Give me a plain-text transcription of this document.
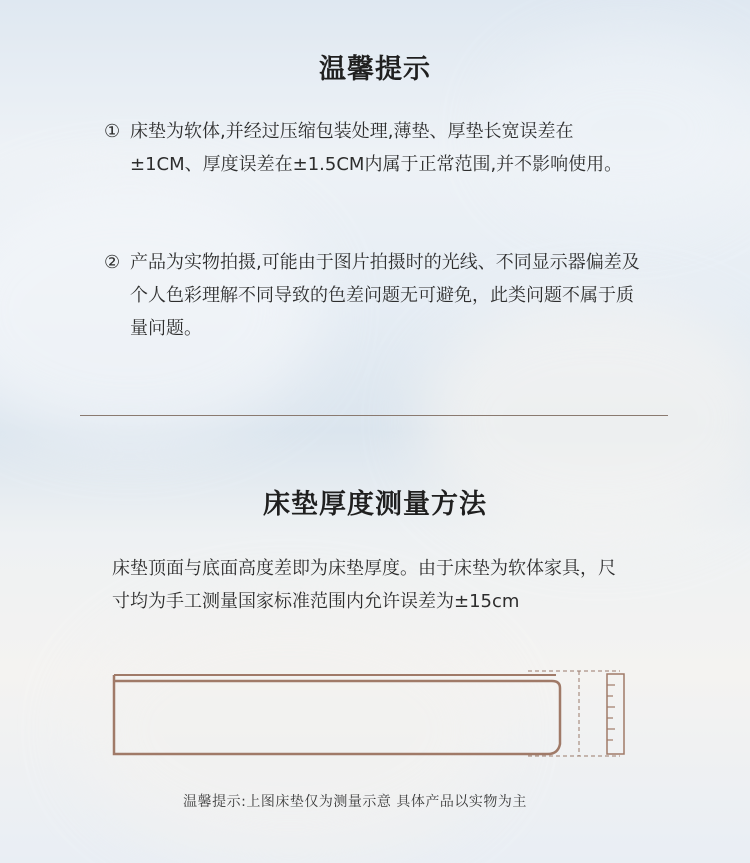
温馨提示
① 床垫为软体,并经过压缩包装处理,薄垫、厚垫长宽误差在±1CM、厚度误差在±1.5CM内属于正常范围,并不影响使用。
② 产品为实物拍摄,可能由于图片拍摄时的光线、不同显示器偏差及个人色彩理解不同导致的色差问题无可避免，此类问题不属于质量问题。
床垫厚度测量方法
床垫顶面与底面高度差即为床垫厚度。由于床垫为软体家具，尺寸均为手工测量国家标准范围内允许误差为±15cm
温馨提示:上图床垫仅为测量示意 具体产品以实物为主
